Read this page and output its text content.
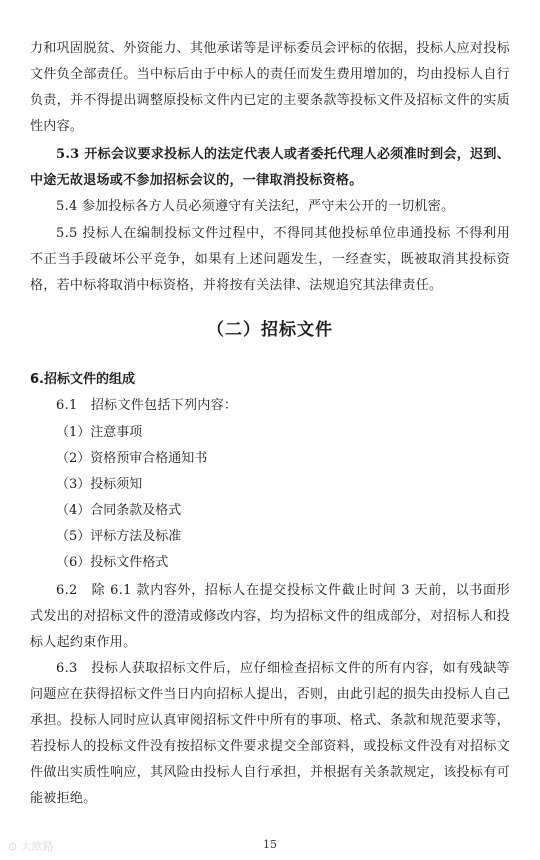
力和巩固脱贫、外资能力、其他承诺等是评标委员会评标的依据，投标人应对投标文件负全部责任。当中标后由于中标人的责任而发生费用增加的，均由投标人自行负责，并不得提出调整原投标文件内已定的主要条款等投标文件及招标文件的实质性内容。

5.3 开标会议要求投标人的法定代表人或者委托代理人必须准时到会，迟到、中途无故退场或不参加招标会议的，一律取消投标资格。

5.4 参加投标各方人员必须遵守有关法纪，严守未公开的一切机密。

5.5 投标人在编制投标文件过程中，不得同其他投标单位串通投标 不得利用不正当手段破坏公平竞争，如果有上述问题发生，一经查实，既被取消其投标资格，若中标将取消中标资格，并将按有关法律、法规追究其法律责任。

（二）招标文件
6.招标文件的组成

6.1　招标文件包括下列内容：

（1）注意事项
（2）资格预审合格通知书
（3）投标须知
（4）合同条款及格式
（5）评标方法及标准
（6）投标文件格式

6.2　除 6.1 款内容外，招标人在提交投标文件截止时间 3 天前，以书面形式发出的对招标文件的澄清或修改内容，均为招标文件的组成部分，对招标人和投标人起约束作用。

6.3　投标人获取招标文件后，应仔细检查招标文件的所有内容，如有残缺等问题应在获得招标文件当日内向招标人提出，否则，由此引起的损失由投标人自己承担。投标人同时应认真审阅招标文件中所有的事项、格式、条款和规范要求等，若投标人的投标文件没有按招标文件要求提交全部资料，或投标文件没有对招标文件做出实质性响应，其风险由投标人自行承担，并根据有关条款规定，该投标有可能被拒绝。

⊙ 大欧路	15
